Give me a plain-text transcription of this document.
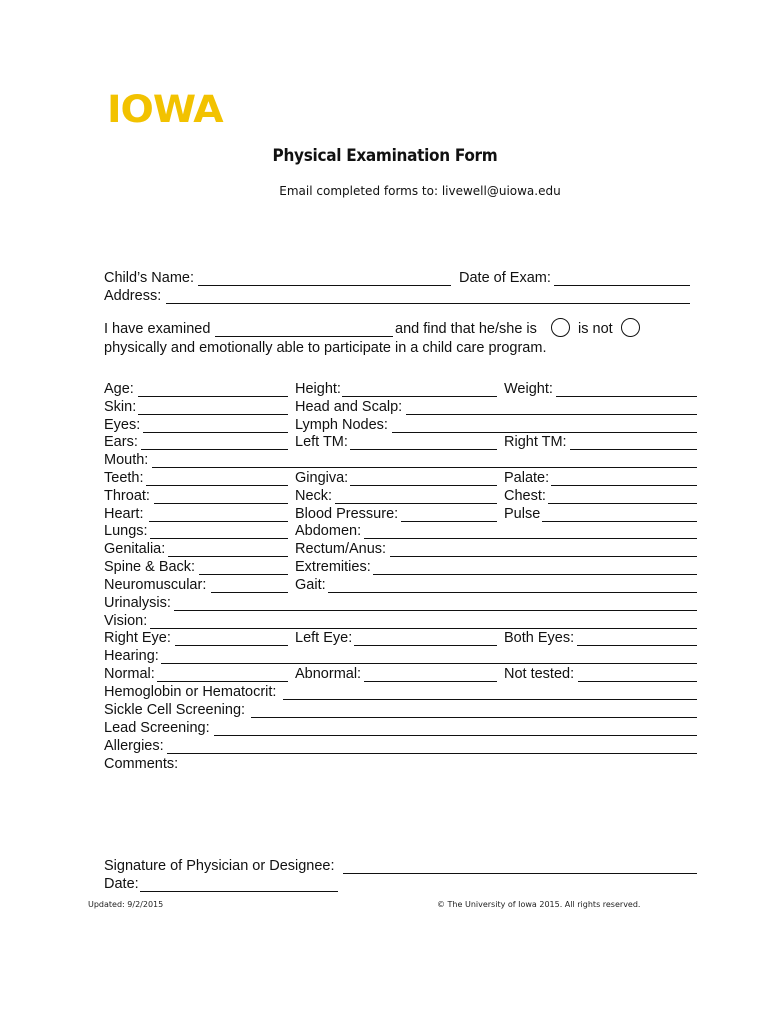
IOWA
Physical Examination Form
Email completed forms to: livewell@uiowa.edu
Child’s Name:	Date of Exam:
Address:
I have examined	and find that he/she is	is not
physically and emotionally able to participate in a child care program.
Age:	Height:	Weight:
Skin:	Head and Scalp:
Eyes:	Lymph Nodes:
Ears:	Left TM:	Right TM:
Mouth:
Teeth:	Gingiva:	Palate:
Throat:	Neck:	Chest:
Heart:	Blood Pressure:	Pulse
Lungs:	Abdomen:
Genitalia:	Rectum/Anus:
Spine & Back:	Extremities:
Neuromuscular:	Gait:
Urinalysis:
Vision:
Right Eye:	Left Eye:	Both Eyes:
Hearing:
Normal:	Abnormal:	Not tested:
Hemoglobin or Hematocrit:
Sickle Cell Screening:
Lead Screening:
Allergies:
Comments:
Signature of Physician or Designee:
Date:
Updated: 9/2/2015	© The University of Iowa 2015. All rights reserved.
